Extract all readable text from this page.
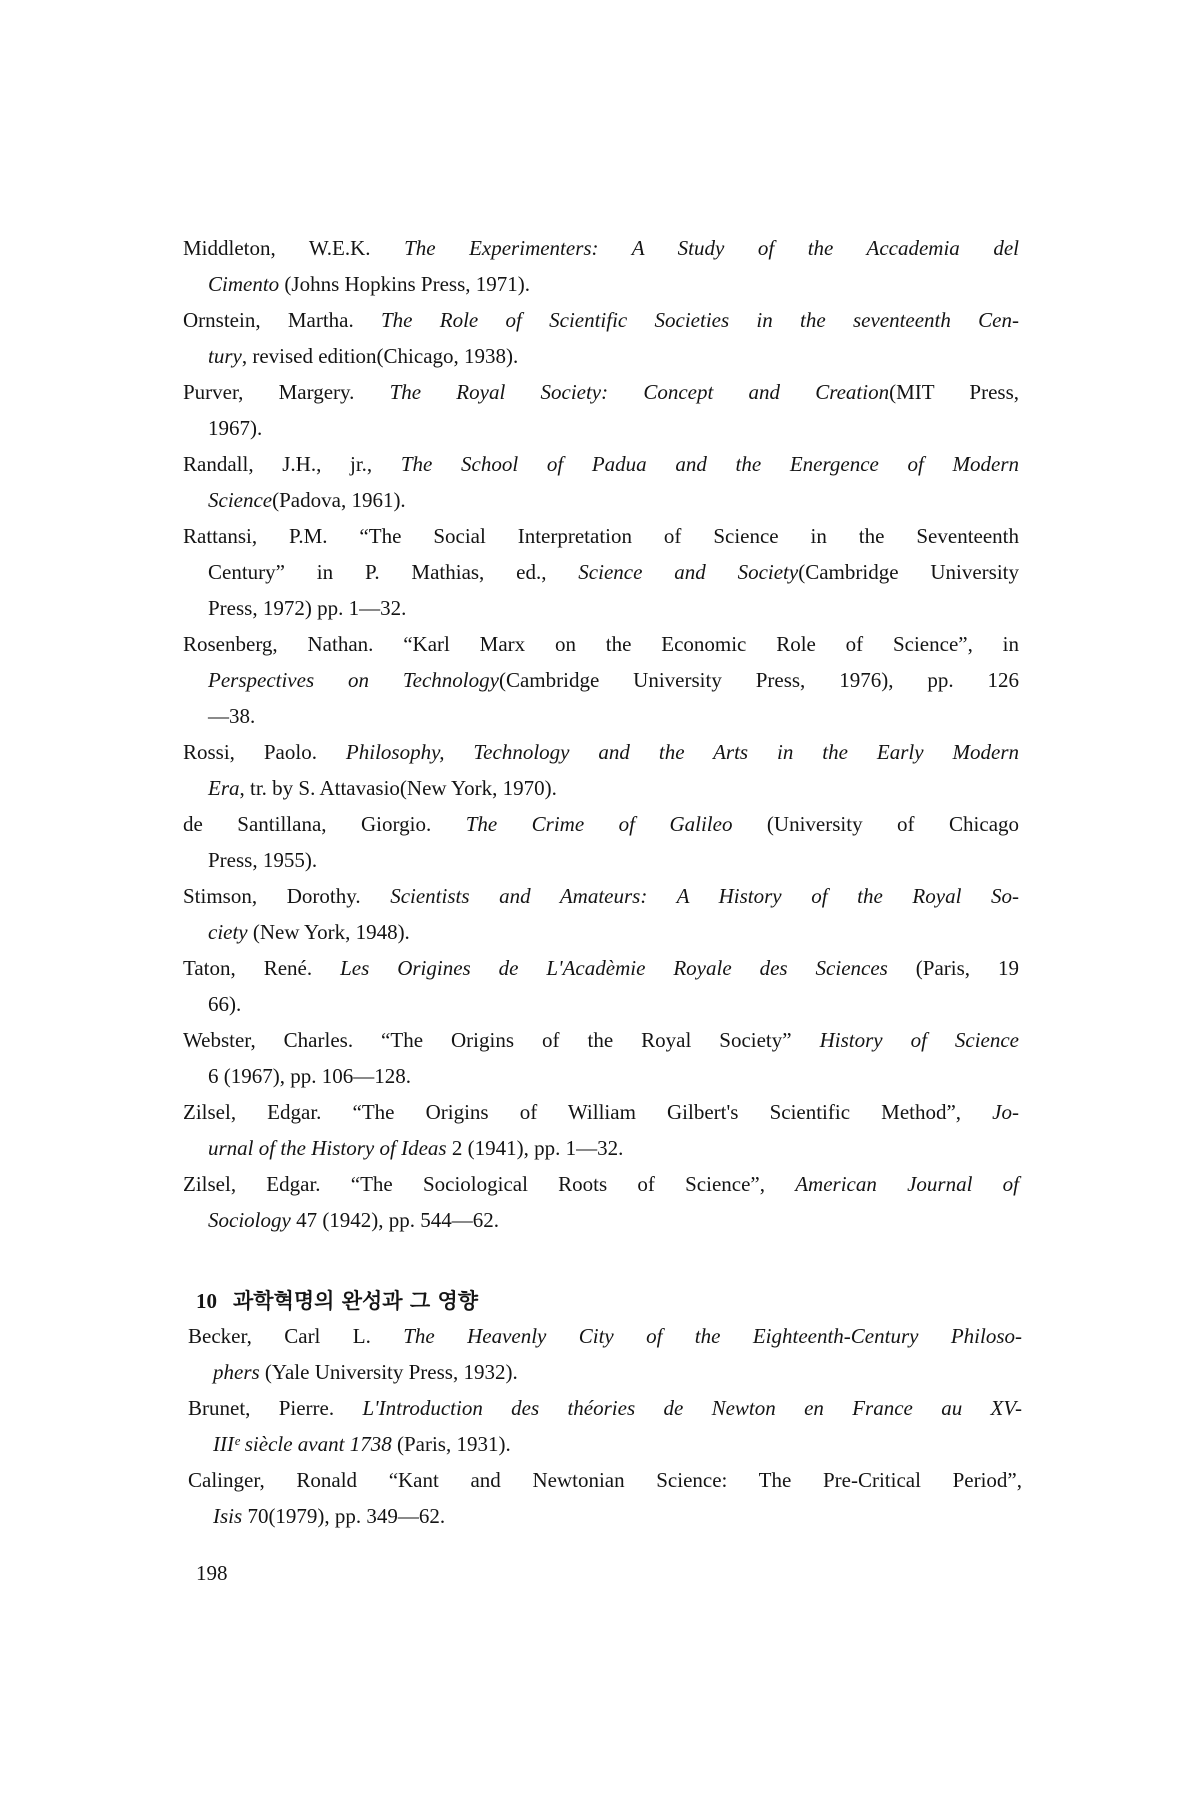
Middleton, W.E.K. The Experimenters: A Study of the Accademia del
Cimento (Johns Hopkins Press, 1971).
Ornstein, Martha. The Role of Scientific Societies in the seventeenth Cen-
tury, revised edition(Chicago, 1938).
Purver, Margery. The Royal Society: Concept and Creation(MIT Press,
1967).
Randall, J.H., jr., The School of Padua and the Energence of Modern
Science(Padova, 1961).
Rattansi, P.M. “The Social Interpretation of Science in the Seventeenth
Century” in P. Mathias, ed., Science and Society(Cambridge University
Press, 1972) pp. 1—32.
Rosenberg, Nathan. “Karl Marx on the Economic Role of Science”, in
Perspectives on Technology(Cambridge University Press, 1976), pp. 126
—38.
Rossi, Paolo. Philosophy, Technology and the Arts in the Early Modern
Era, tr. by S. Attavasio(New York, 1970).
de Santillana, Giorgio. The Crime of Galileo (University of Chicago
Press, 1955).
Stimson, Dorothy. Scientists and Amateurs: A History of the Royal So-
ciety (New York, 1948).
Taton, René. Les Origines de L'Acadèmie Royale des Sciences (Paris, 19
66).
Webster, Charles. “The Origins of the Royal Society” History of Science
6 (1967), pp. 106—128.
Zilsel, Edgar. “The Origins of William Gilbert's Scientific Method”, Jo-
urnal of the History of Ideas 2 (1941), pp. 1—32.
Zilsel, Edgar. “The Sociological Roots of Science”, American Journal of
Sociology 47 (1942), pp. 544—62.
10 과학혁명의 완성과 그 영향
Becker, Carl L. The Heavenly City of the Eighteenth-Century Philoso-
phers (Yale University Press, 1932).
Brunet, Pierre. L'Introduction des théories de Newton en France au XV-
IIIᵉ siècle avant 1738 (Paris, 1931).
Calinger, Ronald “Kant and Newtonian Science: The Pre-Critical Period”,
Isis 70(1979), pp. 349—62.
198
